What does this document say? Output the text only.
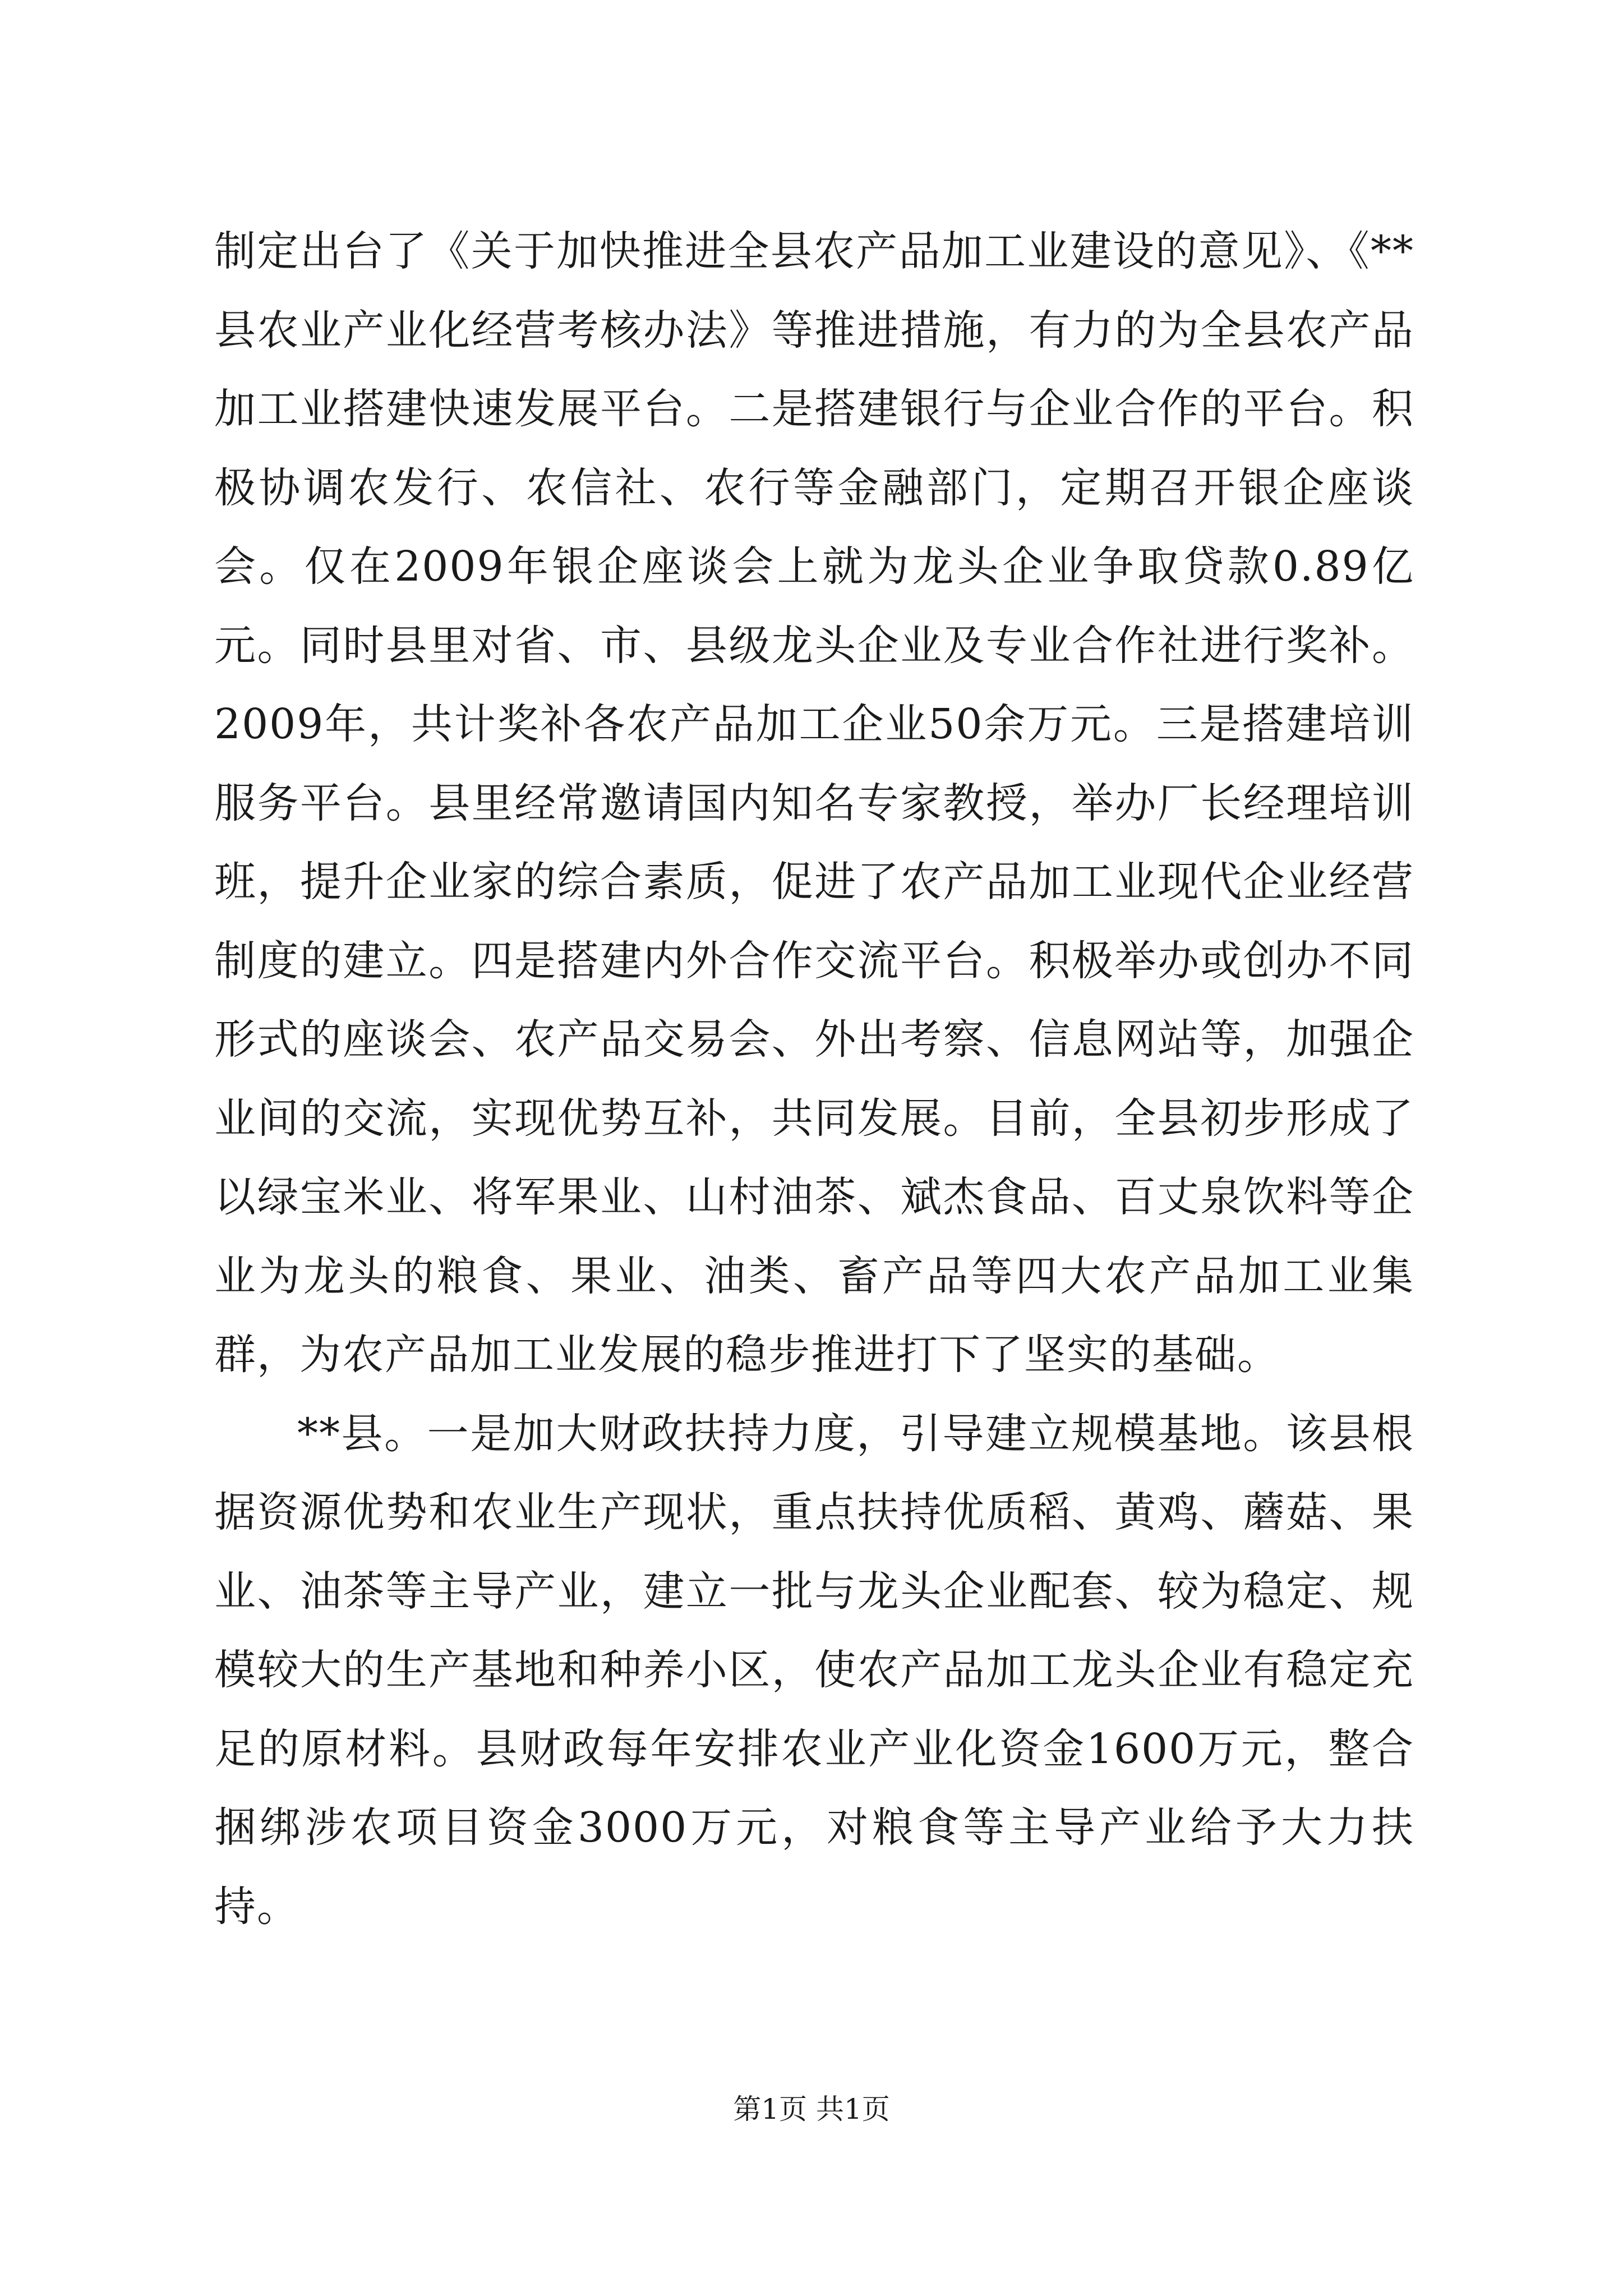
制定出台了《关于加快推进全县农产品加工业建设的意见》、《**县农业产业化经营考核办法》等推进措施，有力的为全县农产品加工业搭建快速发展平台。二是搭建银行与企业合作的平台。积极协调农发行、农信社、农行等金融部门，定期召开银企座谈会。仅在2009年银企座谈会上就为龙头企业争取贷款0.89亿元。同时县里对省、市、县级龙头企业及专业合作社进行奖补。2009年，共计奖补各农产品加工企业50余万元。三是搭建培训服务平台。县里经常邀请国内知名专家教授，举办厂长经理培训班，提升企业家的综合素质，促进了农产品加工业现代企业经营制度的建立。四是搭建内外合作交流平台。积极举办或创办不同形式的座谈会、农产品交易会、外出考察、信息网站等，加强企业间的交流，实现优势互补，共同发展。目前，全县初步形成了以绿宝米业、将军果业、山村油茶、斌杰食品、百丈泉饮料等企业为龙头的粮食、果业、油类、畜产品等四大农产品加工业集群，为农产品加工业发展的稳步推进打下了坚实的基础。

**县。一是加大财政扶持力度，引导建立规模基地。该县根据资源优势和农业生产现状，重点扶持优质稻、黄鸡、蘑菇、果业、油茶等主导产业，建立一批与龙头企业配套、较为稳定、规模较大的生产基地和种养小区，使农产品加工龙头企业有稳定充足的原材料。县财政每年安排农业产业化资金1600万元，整合捆绑涉农项目资金3000万元，对粮食等主导产业给予大力扶持。

第1页 共1页
